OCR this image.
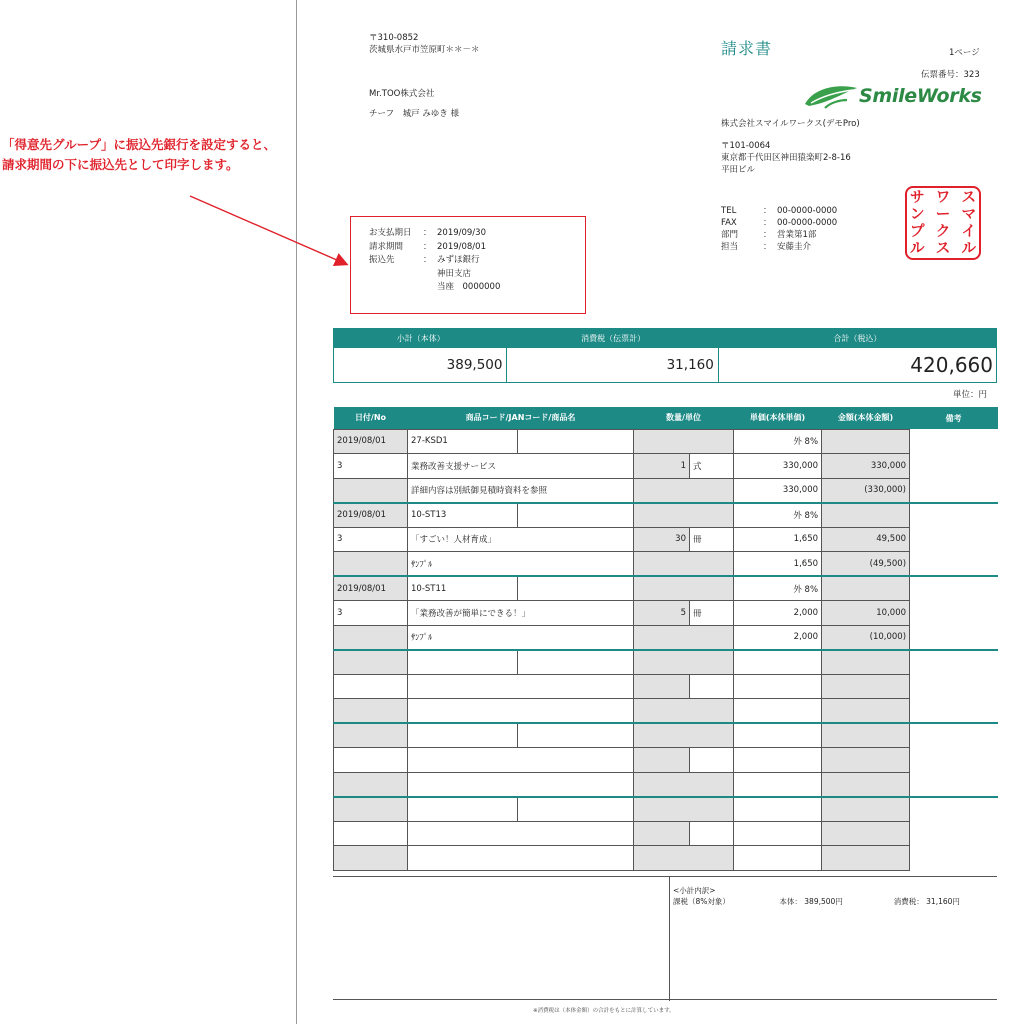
「得意先グループ」に振込先銀行を設定すると、
請求期間の下に振込先として印字します。
〒310-0852
茨城県水戸市笠原町＊＊－＊
Mr.TOO株式会社
チーフ　城戸 みゆき 様
請求書	1ページ
伝票番号：323
SmileWorks
株式会社スマイルワークス(デモPro)
〒101-0064
東京都千代田区神田猿楽町2-8-16
平田ビル
TEL	： 00-0000-0000
FAX	： 00-0000-0000
部門	： 営業第1部
担当	： 安藤圭介
ス
マ
イ
ル
ワ
ー
ク
ス
サ
ン
プ
ル
お支払期日	： 2019/09/30
請求期間	： 2019/08/01
振込先	： みずほ銀行
神田支店
当座　0000000
小計（本体）	消費税（伝票計）	合計（税込）
389,500	31,160	420,660
単位：円
日付/No	商品コード/JANコード/商品名		数量/単位		単価(本体単価)	金額(本体金額)	備考
2019/08/01	27-KSD1				外 8%		
3	業務改善支援サービス		1	式	330,000	330,000	
	詳細内容は別紙御見積時資料を参照				330,000	(330,000)	
2019/08/01	10-ST13				外 8%		
3	「すごい！人材育成」		30	冊	1,650	49,500	
	ｻﾝﾌﾟﾙ				1,650	(49,500)	
2019/08/01	10-ST11				外 8%		
3	「業務改善が簡単にできる！」		5	冊	2,000	10,000	
	ｻﾝﾌﾟﾙ				2,000	(10,000)	

<小計内訳>
課税（8%対象）	本体： 389,500円	消費税： 31,160円
※消費税は（本体金額）の合計をもとに計算しています。
